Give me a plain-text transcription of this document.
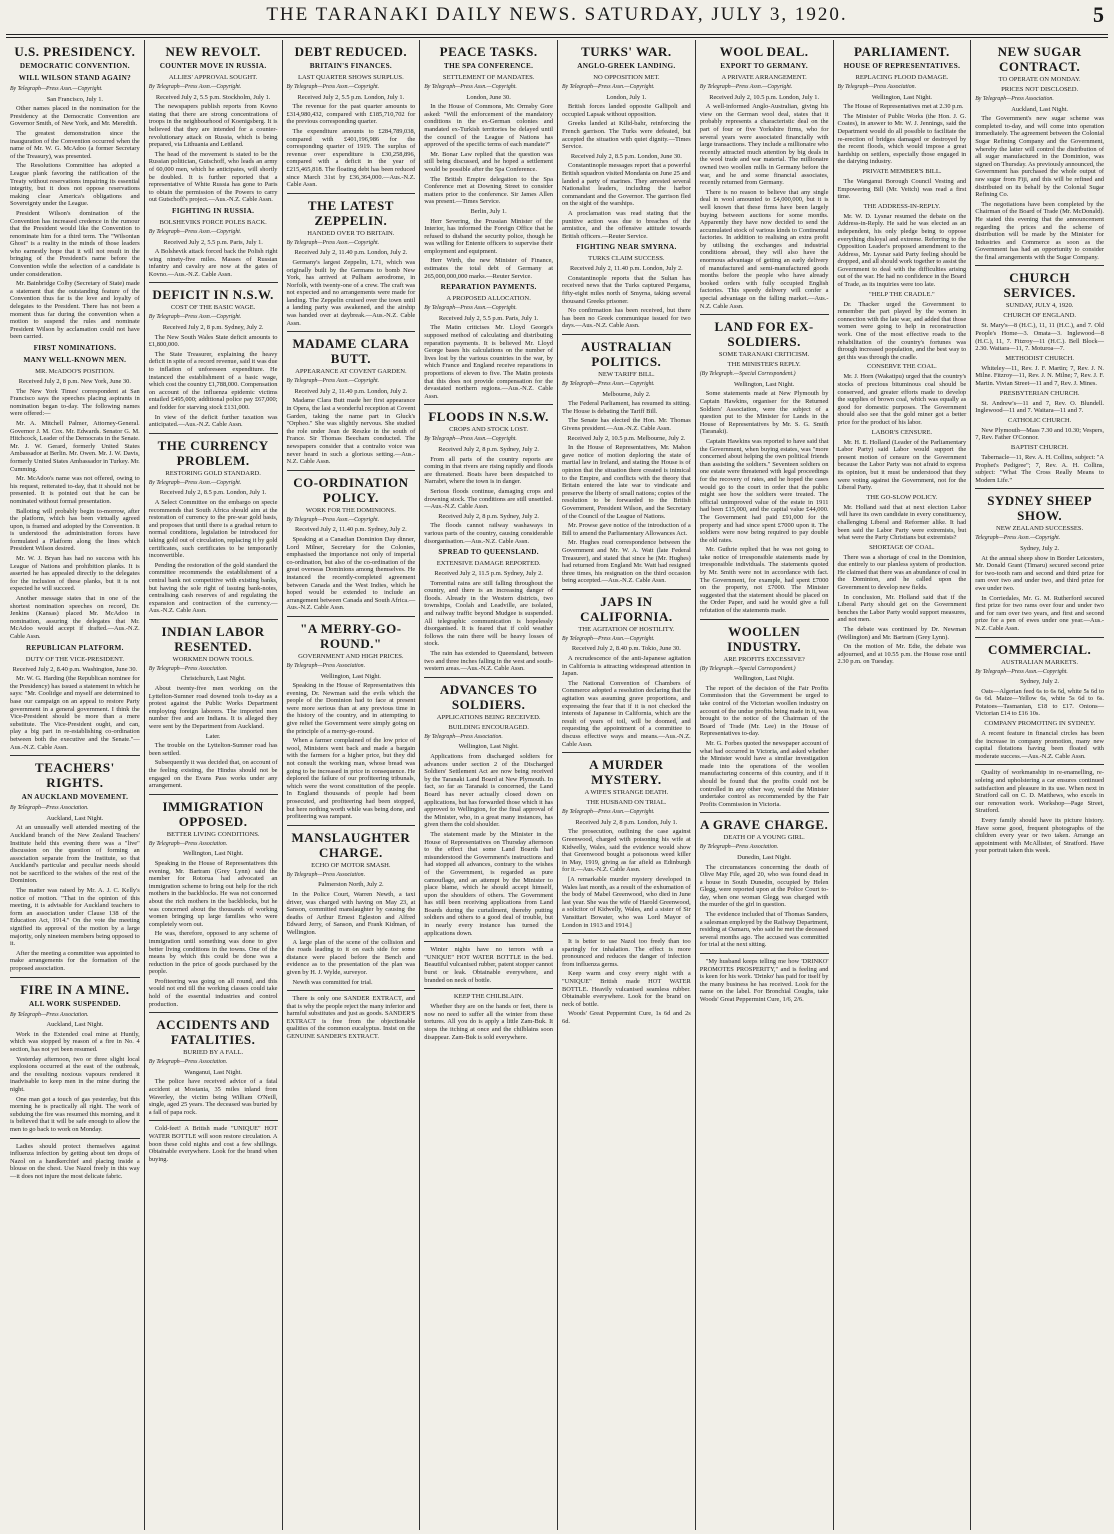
THE TARANAKI DAILY NEWS. SATURDAY, JULY 3, 1920.	5
U.S. PRESIDENCY.
DEMOCRATIC CONVENTION.
WILL WILSON STAND AGAIN?
By Telegraph—Press Assn.—Copyright.
San Francisco, July 1.
Other names placed in the nomination for the Presidency at the Democratic Convention are Governor Smith, of New York, and Mr. Meredith.
The greatest demonstration since the inauguration of the Convention occurred when the name of Mr. W. G. McAdoo (a former Secretary of the Treasury), was presented.
The Resolutions Committee has adopted a League plank favoring the ratification of the Treaty without reservations impairing its essential integrity, but it does not oppose reservations making clear America's obligations and Sovereignty under the League.
President Wilson's domination of the Convention has increased credence in the rumour that the President would like the Convention to renominate him for a third term. The "Wilsonian Ghost" is a reality in the minds of those leaders who earnestly hope that it will not result in the bringing of the President's name before the Convention while the selection of a candidate is under consideration.
Mr. Bainbridge Colby (Secretary of State) made a statement that the outstanding feature of the Convention thus far is the love and loyalty of delegates to the President. There has not been a moment thus far during the convention when a motion to suspend the rules and nominate President Wilson by acclamation could not have been carried.
FIRST NOMINATIONS.
MANY WELL-KNOWN MEN.
MR. McADOO'S POSITION.
Received July 2, 8 p.m. New York, June 30.
The New York Times' correspondent at San Francisco says the speeches placing aspirants in nomination began to-day. The following names were offered:—
Mr. A. Mitchell Palmer, Attorney-General. Governor J. M. Cox. Mr. Edwards. Senator G. M. Hitchcock, Leader of the Democrats in the Senate. Mr. J. W. Gerard, formerly United States Ambassador at Berlin. Mr. Owen. Mr. J. W. Davis, formerly United States Ambassador in Turkey. Mr. Cumming.
Mr. McAdoo's name was not offered, owing to his request, reiterated to-day, that it should not be presented. It is pointed out that he can be nominated without formal presentation.
Balloting will probably begin to-morrow, after the platform, which has been virtually agreed upon, is framed and adopted by the Convention. It is understood the administration forces have formulated a Platform along the lines which President Wilson desired.
Mr. W. J. Bryan has had no success with his League of Nations and prohibition planks. It is asserted he has appealed directly to the delegates for the inclusion of these planks, but it is not expected he will succeed.
Another message states that in one of the shortest nomination speeches on record, Dr. Jenkins (Kansas) placed Mr. McAdoo in nomination, assuring the delegates that Mr. McAdoo would accept if drafted.—Aus.-N.Z. Cable Assn.
REPUBLICAN PLATFORM.
DUTY OF THE VICE-PRESIDENT.
Received July 2, 8.40 p.m. Washington, June 30.
Mr. W. G. Harding (the Republican nominee for the Presidency) has issued a statement in which he says: "Mr. Coolidge and myself are determined to base our campaign on an appeal to restore Party government in a general government. I think the Vice-President should be more than a mere substitute. The Vice-President ought, and can, play a big part in re-establishing co-ordination between both the executive and the Senate."—Aus.-N.Z. Cable Assn.
TEACHERS' RIGHTS.
AN AUCKLAND MOVEMENT.
By Telegraph—Press Association.
Auckland, Last Night.
At an unusually well attended meeting of the Auckland branch of the New Zealand Teachers' Institute held this evening there was a "live" discussion on the question of forming an association separate from the Institute, so that Auckland's particular and peculiar needs should not be sacrificed to the wishes of the rest of the Dominion.
The matter was raised by Mr. A. J. C. Kelly's notice of motion. "That in the opinion of this meeting, it is advisable for Auckland teachers to form an association under Clause 138 of the Education Act, 1914." On the vote the meeting signified its approval of the motion by a large majority, only nineteen members being opposed to it.
After the meeting a committee was appointed to make arrangements for the formation of the proposed association.
FIRE IN A MINE.
ALL WORK SUSPENDED.
By Telegraph—Press Association.
Auckland, Last Night.
Work in the Extended coal mine at Huntly, which was stopped by reason of a fire in No. 4 section, has not yet been resumed.
Yesterday afternoon, two or three slight local explosions occurred at the east of the outbreak, and the resulting noxious vapours rendered it inadvisable to keep men in the mine during the night.
One man got a touch of gas yesterday, but this morning he is practically all right. The work of subduing the fire was resumed this morning, and it is believed that it will be safe enough to allow the men to go back to work on Monday.
Ladies should protect themselves against influenza infection by getting about ten drops of Nazol on a handkerchief and placing inside a blouse on the chest. Use Nazol freely in this way—it does not injure the most delicate fabric.
NEW REVOLT.
COUNTER MOVE IN RUSSIA.
ALLIES' APPROVAL SOUGHT.
By Telegraph—Press Assn.—Copyright.
Received July 2, 5.5 p.m. Stockholm, July 1.
The newspapers publish reports from Kovno stating that there are strong concentrations of troops in the neighbourhood of Koenigsberg. It is believed that they are intended for a counter-revolutionary attack on Russia, which is being prepared, via Lithuania and Lettland.
The head of the movement is stated to be the Russian politician, Gutschoff, who leads an army of 60,000 men, which he anticipates, will shortly be doubled. It is further reported that a representative of White Russia has gone to Paris to obtain the permission of the Powers to carry out Gutschoff's project.—Aus.-N.Z. Cable Assn.
FIGHTING IN RUSSIA.
BOLSHEVIKS FORCE POLES BACK.
By Telegraph—Press Assn.—Copyright.
Received July 2, 5.5 p.m. Paris, July 1.
A Bolshevik attack forced back the Polish right wing ninety-five miles. Masses of Russian infantry and cavalry are now at the gates of Kovno.—Aus.-N.Z. Cable Assn.
DEFICIT IN N.S.W.
COST OF THE BASIC WAGE.
By Telegraph—Press Assn.—Copyright.
Received July 2, 8 p.m. Sydney, July 2.
The New South Wales State deficit amounts to £1,800,000.
The State Treasurer, explaining the heavy deficit in spite of a record revenue, said it was due to inflation of unforeseen expenditure. He instanced the establishment of a basic wage, which cost the country £1,788,000. Compensation on account of the influenza epidemic victims entailed £495,000; additional police pay £67,000; and fodder for starving stock £131,000.
In view of the deficit further taxation was anticipated.—Aus.-N.Z. Cable Assn.
THE CURRENCY PROBLEM.
RESTORING GOLD STANDARD.
By Telegraph—Press Assn.—Copyright.
Received July 2, 8.5 p.m. London, July 1.
A Select Committee on the embargo on specie recommends that South Africa should aim at the restoration of currency to the pre-war gold basis, and proposes that until there is a gradual return to normal conditions, legislation be introduced for taking gold out of circulation, replacing it by gold certificates, such certificates to be temporarily inconvertible.
Pending the restoration of the gold standard the committee recommends the establishment of a central bank not competitive with existing banks, but having the sole right of issuing bank-notes, centralising cash reserves of and regulating the expansion and contraction of the currency.—Aus.-N.Z. Cable Assn.
INDIAN LABOR RESENTED.
WORKMEN DOWN TOOLS.
By Telegraph—Press Association.
Christchurch, Last Night.
About twenty-five men working on the Lyttelton-Sumner road downed tools to-day as a protest against the Public Works Department employing foreign laborers. The imported men number five and are Indians. It is alleged they were sent by the Department from Auckland.
Later.
The trouble on the Lyttelton-Sumner road has been settled.
Subsequently it was decided that, on account of the feeling existing, the Hindus should not be engaged on the Evans Pass works under any arrangement.
IMMIGRATION OPPOSED.
BETTER LIVING CONDITIONS.
By Telegraph—Press Association.
Wellington, Last Night.
Speaking in the House of Representatives this evening, Mr. Bartram (Grey Lynn) said the member for Rotorua had advocated an immigration scheme to bring out help for the rich mothers in the backblocks. He was not concerned about the rich mothers in the backblocks, but he was concerned about the thousands of working women bringing up large families who were completely worn out.
He was, therefore, opposed to any scheme of immigration until something was done to give better living conditions in the towns. One of the means by which this could be done was a reduction in the price of goods purchased by the people.
Profiteering was going on all round, and this would not end till the working classes could take hold of the essential industries and control production.
ACCIDENTS AND FATALITIES.
BURIED BY A FALL.
By Telegraph—Press Association.
Wanganui, Last Night.
The police have received advice of a fatal accident at Mostania, 35 miles inland from Waverley, the victim being William O'Neill, single, aged 25 years. The deceased was buried by a fall of papa rock.
Cold-feet! A British made "UNIQUE" HOT WATER BOTTLE will soon restore circulation. A boon these cold nights and cost a few shillings. Obtainable everywhere. Look for the brand when buying.
DEBT REDUCED.
BRITAIN'S FINANCES.
LAST QUARTER SHOWS SURPLUS.
By Telegraph—Press Assn.—Copyright.
Received July 2, 5.5 p.m. London, July 1.
The revenue for the past quarter amounts to £314,980,432, compared with £185,710,702 for the previous corresponding quarter.
The expenditure amounts to £284,789,038, compared with £401,196,986 for the corresponding quarter of 1919. The surplus of revenue over expenditure is £30,258,896, compared with a deficit in the year of £215,465,818. The floating debt has been reduced since March 31st by £36,364,000.—Aus.-N.Z. Cable Assn.
THE LATEST ZEPPELIN.
HANDED OVER TO BRITAIN.
By Telegraph—Press Assn.—Copyright.
Received July 2, 11.40 p.m. London, July 2.
Germany's largest Zeppelin, L71, which was originally built by the Germans to bomb New York, has arrived at Pulham aerodrome, in Norfolk, with twenty-one of a crew. The craft was not expected and no arrangements were made for landing. The Zeppelin cruised over the town until a landing party was awakened, and the airship was handed over at daybreak.—Aus.-N.Z. Cable Assn.
MADAME CLARA BUTT.
APPEARANCE AT COVENT GARDEN.
By Telegraph—Press Assn.—Copyright.
Received July 2, 11.40 p.m. London, July 2.
Madame Clara Butt made her first appearance in Opera, the last a wonderful reception at Covent Garden, taking the name part in Gluck's "Orpheo." She was slightly nervous. She studied the role under Jean de Reszke in the south of France. Sir Thomas Beecham conducted. The newspapers consider that a contralto voice was never heard in such a glorious setting.—Aus.-N.Z. Cable Assn.
CO-ORDINATION POLICY.
WORK FOR THE DOMINIONS.
By Telegraph—Press Assn.—Copyright.
Received July 2, 11.40 p.m. Sydney, July 2.
Speaking at a Canadian Dominion Day dinner, Lord Milner, Secretary for the Colonies, emphasised the importance not only of imperial co-ordination, but also of the co-ordination of the great overseas Dominions among themselves. He instanced the recently-completed agreement between Canada and the West Indies, which he hoped would be extended to include an arrangement between Canada and South Africa.—Aus.-N.Z. Cable Assn.
"A MERRY-GO-ROUND."
GOVERNMENT AND HIGH PRICES.
By Telegraph—Press Association.
Wellington, Last Night.
Speaking in the House of Representatives this evening, Dr. Newman said the evils which the people of the Dominion had to face at present were more serious than at any previous time in the history of the country, and in attempting to give relief the Government were simply going on the principle of a merry-go-round.
When a farmer complained of the low price of wool, Ministers went back and made a bargain with the farmers for a higher price, but they did not consult the working man, whose bread was going to be increased in price in consequence. He deplored the failure of our profiteering tribunals, which were the worst constitution of the people. In England thousands of people had been prosecuted, and profiteering had been stopped, but here nothing worth while was being done, and profiteering was rampant.
MANSLAUGHTER CHARGE.
ECHO OF MOTOR SMASH.
By Telegraph—Press Association.
Palmerston North, July 2.
In the Police Court, Warren Newth, a taxi driver, was charged with having on May 23, at Sanson, committed manslaughter by causing the deaths of Arthur Ernest Egleston and Alfred Edward Jerry, of Sanson, and Frank Kidman, of Wellington.
A large plan of the scene of the collision and the roads leading to it on each side for some distance were placed before the Bench and evidence as to the presentation of the plan was given by H. J. Wylde, surveyor.
Newth was committed for trial.
There is only one SANDER EXTRACT, and that is why the people reject the many inferior and harmful substitutes and just as goods. SANDER'S EXTRACT is free from the objectionable qualities of the common eucalyptus. Insist on the GENUINE SANDER'S EXTRACT.
PEACE TASKS.
THE SPA CONFERENCE.
SETTLEMENT OF MANDATES.
By Telegraph—Press Assn.—Copyright.
London, June 30.
In the House of Commons, Mr. Ormsby Gore asked: "Will the enforcement of the mandatory conditions in the ex-German colonies and mandated ex-Turkish territories be delayed until the council of the League of Nations has approved of the specific terms of each mandate?"
Mr. Bonar Law replied that the question was still being discussed, and he hoped a settlement would be possible after the Spa Conference.
The British Empire delegation to the Spa Conference met at Downing Street to consider matters prior to the conference. Sir James Allen was present.—Times Service.
Berlin, July 1.
Herr Severing, the Prussian Minister of the Interior, has informed the Foreign Office that he refused to disband the security police, though he was willing for Entente officers to supervise their employment and equipment.
Herr Wirth, the new Minister of Finance, estimates the total debt of Germany at 265,000,000,000 marks.—Reuter Service.
REPARATION PAYMENTS.
A PROPOSED ALLOCATION.
By Telegraph—Press Assn.—Copyright.
Received July 2, 5.5 p.m. Paris, July 1.
The Matin criticises Mr. Lloyd George's supposed method of calculating and distributing reparation payments. It is believed Mr. Lloyd George bases his calculations on the number of lives lost by the various countries in the war, by which France and England receive reparations in proportions of eleven to five. The Matin protests that this does not provide compensation for the devastated northern regions.—Aus.-N.Z. Cable Assn.
FLOODS IN N.S.W.
CROPS AND STOCK LOST.
By Telegraph—Press Assn.—Copyright.
Received July 2, 8 p.m. Sydney, July 2.
From all parts of the country reports are coming in that rivers are rising rapidly and floods are threatened. Boats have been despatched to Narrabri, where the town is in danger.
Serious floods continue, damaging crops and drowning stock. The conditions are still unsettled.—Aus.-N.Z. Cable Assn.
Received July 2, 8 p.m. Sydney, July 2.
The floods cannot railway washaways in various parts of the country, causing considerable disorganisation.—Aus.-N.Z. Cable Assn.
SPREAD TO QUEENSLAND.
EXTENSIVE DAMAGE REPORTED.
Received July 2, 11.5 p.m. Sydney, July 2.
Torrential rains are still falling throughout the country, and there is an increasing danger of floods. Already in the Western districts, two townships, Coolah and Leadville, are isolated, and railway traffic beyond Mudgee is suspended. All telegraphic communication is hopelessly disorganised. It is feared that if cold weather follows the rain there will be heavy losses of stock.
The rain has extended to Queensland, between two and three inches falling in the west and south-western areas.—Aus.-N.Z. Cable Assn.
ADVANCES TO SOLDIERS.
APPLICATIONS BEING RECEIVED.
BUILDING ENCOURAGED.
By Telegraph—Press Association.
Wellington, Last Night.
Applications from discharged soldiers for advances under section 2 of the Discharged Soldiers' Settlement Act are now being received by the Taranaki Land Board at New Plymouth. In fact, so far as Taranaki is concerned, the Land Board has never actually closed down on applications, but has forwarded those which it has approved to Wellington, for the final approval of the Minister, who, in a great many instances, has given them the cold shoulder.
The statement made by the Minister in the House of Representatives on Thursday afternoon to the effect that some Land Boards had misunderstood the Government's instructions and had stopped all advances, contrary to the wishes of the Government, is regarded as pure camouflage, and an attempt by the Minister to place blame, which he should accept himself, upon the shoulders of others. The Government has still been receiving applications from Land Boards during the curtailment, thereby putting soldiers and others to a good deal of trouble, but in nearly every instance has turned the applications down.
Winter nights have no terrors with a "UNIQUE" HOT WATER BOTTLE in the bed. Beautiful vulcanised rubber, patent stopper cannot burst or leak. Obtainable everywhere, and branded on neck of bottle.
KEEP THE CHILBLAIN.
Whether they are on the hands or feet, there is now no need to suffer all the winter from these tortures. All you do is apply a little Zam-Buk. It stops the itching at once and the chilblains soon disappear. Zam-Buk is sold everywhere.
TURKS' WAR.
ANGLO-GREEK LANDING.
NO OPPOSITION MET.
By Telegraph—Press Assn.—Copyright.
London, July 1.
British forces landed opposite Gallipoli and occupied Lapsak without opposition.
Greeks landed at Kilid-bahr, reinforcing the French garrison. The Turks were defeated, but accepted the situation with quiet dignity.—Times Service.
Received July 2, 8.5 p.m. London, June 30.
Constantinople messages report that a powerful British squadron visited Mondania on June 25 and landed a party of marines. They arrested several Nationalist leaders, including the harbor commandant and the Governor. The garrison fled on the sight of the warships.
A proclamation was read stating that the punitive action was due to breaches of the armistice, and the offensive attitude towards British officers.—Reuter Service.
FIGHTING NEAR SMYRNA.
TURKS CLAIM SUCCESS.
Received July 2, 11.40 p.m. London, July 2.
Constantinople reports that the Sultan has received news that the Turks captured Pergama, fifty-eight miles north of Smyrna, taking several thousand Greeks prisoner.
No confirmation has been received, but there has been no Greek communique issued for two days.—Aus.-N.Z. Cable Assn.
AUSTRALIAN POLITICS.
NEW TARIFF BILL.
By Telegraph—Press Assn.—Copyright.
Melbourne, July 2.
The Federal Parliament, has resumed its sitting. The House is debating the Tariff Bill.
The Senate has elected the Hon. Mr. Thomas Givens president.—Aus.-N.Z. Cable Assn.
Received July 2, 10.5 p.m. Melbourne, July 2.
In the House of Representatives, Mr. Mahon gave notice of motion deploring the state of martial law in Ireland, and stating the House is of opinion that the situation there created is inimical to the Empire, and conflicts with the theory that Britain entered the late war to vindicate and preserve the liberty of small nations; copies of the resolution to be forwarded to the British Government, President Wilson, and the Secretary of the Council of the League of Nations.
Mr. Prowse gave notice of the introduction of a Bill to amend the Parliamentary Allowances Act.
Mr. Hughes read correspondence between the Government and Mr. W. A. Watt (late Federal Treasurer), and stated that since he (Mr. Hughes) had returned from England Mr. Watt had resigned three times, his resignation on the third occasion being accepted.—Aus.-N.Z. Cable Assn.
JAPS IN CALIFORNIA.
THE AGITATION OF HOSTILITY.
By Telegraph—Press Assn.—Copyright.
Received July 2, 8.40 p.m. Tokio, June 30.
A recrudescence of the anti-Japanese agitation in California is attracting widespread attention in Japan.
The National Convention of Chambers of Commerce adopted a resolution declaring that the agitation was assuming grave proportions, and expressing the fear that if it is not checked the interests of Japanese in California, which are the result of years of toil, will be doomed, and requesting the appointment of a committee to discuss effective ways and means.—Aus.-N.Z. Cable Assn.
A MURDER MYSTERY.
A WIFE'S STRANGE DEATH.
THE HUSBAND ON TRIAL.
By Telegraph—Press Assn.—Copyright.
Received July 2, 8 p.m. London, July 1.
The prosecution, outlining the case against Greenwood, charged with poisoning his wife at Kidwelly, Wales, said the evidence would show that Greenwood bought a poisonous weed killer in May, 1919, giving as far afield as Edinburgh for it.—Aus.-N.Z. Cable Assn.
[A remarkable murder mystery developed in Wales last month, as a result of the exhumation of the body of Mabel Greenwood, who died in June last year. She was the wife of Harold Greenwood, a solicitor of Kidwelly, Wales, and a sister of Sir Vansittart Bowater, who was Lord Mayor of London in 1913 and 1914.]
It is better to use Nazol too freely than too sparingly for inhalation. The effect is more pronounced and reduces the danger of infection from influenza germs.
Keep warm and cosy every night with a "UNIQUE" British made HOT WATER BOTTLE. Heavily vulcanised seamless rubber. Obtainable everywhere. Look for the brand on neck of bottle.
Woods' Great Peppermint Cure, 1s 6d and 2s 6d.
WOOL DEAL.
EXPORT TO GERMANY.
A PRIVATE ARRANGEMENT.
By Telegraph—Press Assn.—Copyright.
Received July 2, 10.5 p.m. London, July 1.
A well-informed Anglo-Australian, giving his view on the German wool deal, states that it probably represents a characteristic deal on the part of four or five Yorkshire firms, who for several years were associated financially with large transactions. They include a millionaire who recently attracted much attention by big deals in the wool trade and war material. The millionaire owned two woollen mills in Germany before the war, and he and some financial associates, recently returned from Germany.
There is no reason to believe that any single deal in wool amounted to £4,000,000, but it is well known that these firms have been largely buying between auctions for some months. Apparently they have now decided to send the accumulated stock of various kinds to Continental factories. In addition to realising an extra profit by utilising the exchanges and industrial conditions abroad, they will also have the enormous advantage of getting an early delivery of manufactured and semi-manufactured goods months before the people who have already booked orders with fully occupied English factories. This speedy delivery will confer a special advantage on the falling market.—Aus.-N.Z. Cable Assn.
LAND FOR EX-SOLDIERS.
SOME TARANAKI CRITICISM.
THE MINISTER'S REPLY.
(By Telegraph.—Special Correspondent.)
Wellington, Last Night.
Some statements made at New Plymouth by Captain Hawkins, organiser for the Returned Soldiers' Association, were the subject of a question put to the Minister for Lands in the House of Representatives by Mr. S. G. Smith (Taranaki).
Captain Hawkins was reported to have said that the Government, when buying estates, was "more concerned about helping the own political friends than assisting the soldiers." Seventeen soldiers on one estate were threatened with legal proceedings for the recovery of rates, and he hoped the cases would go to the court in order that the public might see how the soldiers were treated. The official unimproved value of the estate in 1911 had been £15,000, and the capital value £44,000. The Government had paid £91,000 for the property and had since spent £7000 upon it. The soldiers were now being required to pay double the old rates.
Mr. Guthrie replied that he was not going to take notice of irresponsible statements made by irresponsible individuals. The statements quoted by Mr. Smith were not in accordance with fact. The Government, for example, had spent £7000 on the property, not £7000. The Minister suggested that the statement should be placed on the Order Paper, and said he would give a full refutation of the statements made.
WOOLLEN INDUSTRY.
ARE PROFITS EXCESSIVE?
(By Telegraph.—Special Correspondent.)
Wellington, Last Night.
The report of the decision of the Fair Profits Commission that the Government be urged to take control of the Victorian woollen industry on account of the undue profits being made in it, was brought to the notice of the Chairman of the Board of Trade (Mr. Lee) in the House of Representatives to-day.
Mr. G. Forbes quoted the newspaper account of what had occurred in Victoria, and asked whether the Minister would have a similar investigation made into the operations of the woollen manufacturing concerns of this country, and if it should be found that the profits could not be controlled in any other way, would the Minister undertake control as recommended by the Fair Profits Commission in Victoria.
A GRAVE CHARGE.
DEATH OF A YOUNG GIRL.
By Telegraph—Press Association.
Dunedin, Last Night.
The circumstances concerning the death of Olive May File, aged 20, who was found dead in a house in South Dunedin, occupied by Helen Glegg, were reported upon at the Police Court to-day, when one woman Glegg was charged with the murder of the girl in question.
The evidence included that of Thomas Sanders, a salesman employed by the Railway Department, residing at Oamaru, who said he met the deceased several months ago. The accused was committed for trial at the next sitting.
"My husband keeps telling me how 'DRINKO' PROMOTES PROSPERITY," and is feeling and is keen for his work. 'Drinko' has paid for itself by the many business he has received. Look for the name on the label. For Bronchial Coughs, take Woods' Great Peppermint Cure, 1/6, 2/6.
PARLIAMENT.
HOUSE OF REPRESENTATIVES.
REPLACING FLOOD DAMAGE.
By Telegraph—Press Association.
Wellington, Last Night.
The House of Representatives met at 2.30 p.m.
The Minister of Public Works (the Hon. J. G. Coates), in answer to Mr. W. J. Jennings, said the Department would do all possible to facilitate the re-erection of bridges damaged or destroyed by the recent floods, which would impose a great hardship on settlers, especially those engaged in the dairying industry.
PRIVATE MEMBER'S BILL.
The Wanganui Borough Council Vesting and Empowering Bill (Mr. Veitch) was read a first time.
THE ADDRESS-IN-REPLY.
Mr. W. D. Lysnar resumed the debate on the Address-in-Reply. He said he was elected as an independent, his only pledge being to oppose everything disloyal and extreme. Referring to the Opposition Leader's proposed amendment to the Address, Mr. Lysnar said Party feeling should be dropped, and all should work together to assist the Government to deal with the difficulties arising out of the war. He had no confidence in the Board of Trade, as its inquiries were too late.
"HELP THE CRADLE."
Dr. Thacker urged the Government to remember the part played by the women in connection with the late war, and added that those women were going to help in reconstruction work. One of the most effective roads to the rehabilitation of the country's fortunes was through increased population, and the best way to get this was through the cradle.
CONSERVE THE COAL.
Mr. J. Horn (Wakatipu) urged that the country's stocks of precious bituminous coal should be conserved, and greater efforts made to develop the supplies of brown coal, which was equally as good for domestic purposes. The Government should also see that the gold miner got a better price for the product of his labor.
LABOR'S CENSURE.
Mr. H. E. Holland (Leader of the Parliamentary Labor Party) said Labor would support the present motion of censure on the Government because the Labor Party was not afraid to express its opinion, but it must be understood that they were voting against the Government, not for the Liberal Party.
THE GO-SLOW POLICY.
Mr. Holland said that at next election Labor will have its own candidate in every constituency, challenging Liberal and Reformer alike. It had been said the Labor Party were extremists, but what were the Party Christians but extremists?
SHORTAGE OF COAL.
There was a shortage of coal in the Dominion, due entirely to our planless system of production. He claimed that there was an abundance of coal in the Dominion, and he called upon the Government to develop new fields.
In conclusion, Mr. Holland said that if the Liberal Party should get on the Government benches the Labor Party would support measures, and not men.
The debate was continued by Dr. Newman (Wellington) and Mr. Bartram (Grey Lynn).
On the motion of Mr. Edie, the debate was adjourned, and at 10.55 p.m. the House rose until 2.30 p.m. on Tuesday.
NEW SUGAR CONTRACT.
TO OPERATE ON MONDAY.
PRICES NOT DISCLOSED.
By Telegraph—Press Association.
Auckland, Last Night.
The Government's new sugar scheme was completed to-day, and will come into operation immediately. The agreement between the Colonial Sugar Refining Company and the Government, whereby the latter will control the distribution of all sugar manufactured in the Dominion, was signed on Thursday. As previously announced, the Government has purchased the whole output of raw sugar from Fiji, and this will be refined and distributed on its behalf by the Colonial Sugar Refining Co.
The negotiations have been completed by the Chairman of the Board of Trade (Mr. McDonald). He stated this evening that the announcement regarding the prices and the scheme of distribution will be made by the Minister for Industries and Commerce as soon as the Government has had an opportunity to consider the final arrangements with the Sugar Company.
CHURCH SERVICES.
SUNDAY, JULY 4, 1920.
CHURCH OF ENGLAND.
St. Mary's—8 (H.C.), 11, 11 (H.C.), and 7. Old People's Home—3. Omata—3. Inglewood—8 (H.C.), 11, 7. Fitzroy—11 (H.C.). Bell Block—2.30. Waitara—11, 7. Moturoa—7.
METHODIST CHURCH.
Whiteley—11, Rev. J. F. Martin; 7, Rev. J. N. Milne. Fitzroy—11, Rev. J. N. Milne; 7, Rev. J. F. Martin. Vivian Street—11 and 7, Rev. J. Mines.
PRESBYTERIAN CHURCH.
St. Andrew's—11 and 7, Rev. O. Blundell. Inglewood—11 and 7. Waitara—11 and 7.
CATHOLIC CHURCH.
New Plymouth—Mass 7.30 and 10.30; Vespers, 7, Rev. Father O'Connor.
BAPTIST CHURCH.
Tabernacle—11, Rev. A. H. Collins, subject: "A Prophet's Pedigree"; 7, Rev. A. H. Collins, subject: "What The Cross Really Means to Modern Life."
SYDNEY SHEEP SHOW.
NEW ZEALAND SUCCESSES.
Telegraph—Press Assn.—Copyright.
Sydney, July 2.
At the annual sheep show in Border Leicesters, Mr. Donald Grant (Timaru) secured second prize for two-tooth ram and second and third prize for ram over two and under two, and third prize for ewe under two.
In Corriedales, Mr. G. M. Rutherford secured first prize for two rams over four and under two and for ram over two years, and first and second prize for a pen of ewes under one year.—Aus.-N.Z. Cable Assn.
COMMERCIAL.
AUSTRALIAN MARKETS.
By Telegraph—Press Assn.—Copyright.
Sydney, July 2.
Oats—Algerian feed 6s to 6s 6d, white 5s 6d to 6s 6d. Maize—Yellow 6s, white 5s 6d to 6s. Potatoes—Tasmanian, £18 to £17. Onions—Victorian £14 to £16 10s.
COMPANY PROMOTING IN SYDNEY.
A recent feature in financial circles has been the increase in company promotion, many new capital flotations having been floated with moderate success.—Aus.-N.Z. Cable Assn.
Quality of workmanship in re-enamelling, re-soleing and upholstering a car ensures continued satisfaction and pleasure in its use. When next in Stratford call on C. D. Matthews, who excels in our renovation work. Workshop—Page Street, Stratford.
Every family should have its picture history. Have some good, frequent photographs of the children every year or two taken. Arrange an appointment with McAllister, of Stratford. Have your portrait taken this week.
